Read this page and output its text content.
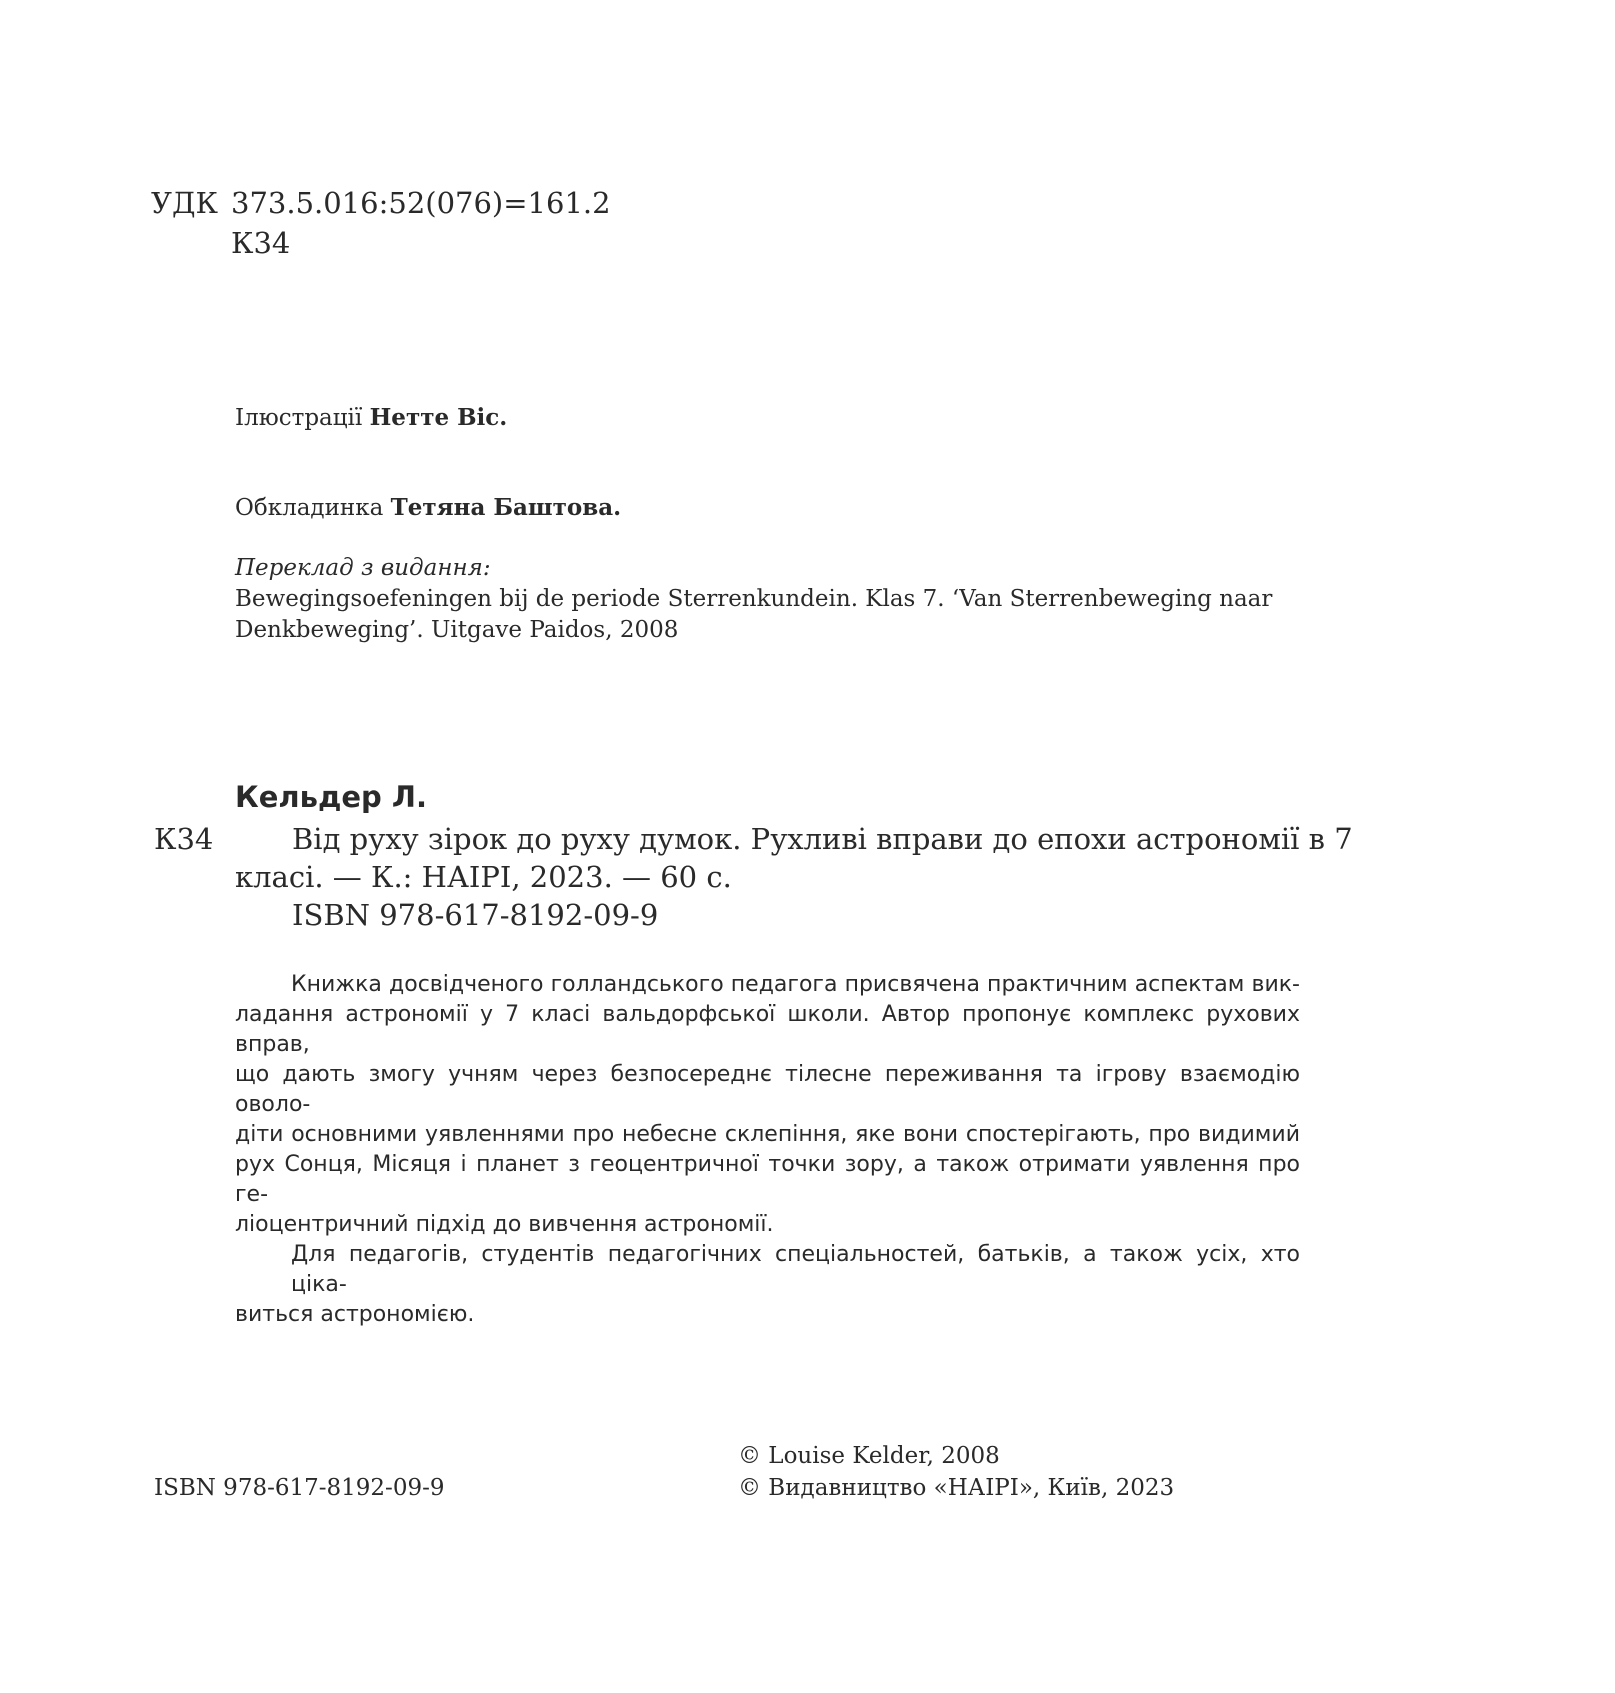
УДК 373.5.016:52(076)=161.2
К34
Ілюстрації Нетте Віс.
Обкладинка Тетяна Баштова.
Переклад з видання:
Bewegingsoefeningen bij de periode Sterrenkundein. Klas 7. ‘Van Sterrenbeweging naar
Denkbeweging’. Uitgave Paidos, 2008
Кельдер Л.
К34	Від руху зірок до руху думок. Рухливі вправи до епохи астрономії в 7
класі. — К.: НАІРІ, 2023. — 60 с.
ISBN 978-617-8192-09-9
Книжка досвідченого голландського педагога присвячена практичним аспектам вик-
ладання астрономії у 7 класі вальдорфської школи. Автор пропонує комплекс рухових вправ,
що дають змогу учням через безпосереднє тілесне переживання та ігрову взаємодію оволо-
діти основними уявленнями про небесне склепіння, яке вони спостерігають, про видимий
рух Сонця, Місяця і планет з геоцентричної точки зору, а також отримати уявлення про ге-
ліоцентричний підхід до вивчення астрономії.
Для педагогів, студентів педагогічних спеціальностей, батьків, а також усіх, хто ціка-
виться астрономією.
© Louise Kelder, 2008
ISBN 978-617-8192-09-9	© Видавництво «НАІРІ», Київ, 2023
